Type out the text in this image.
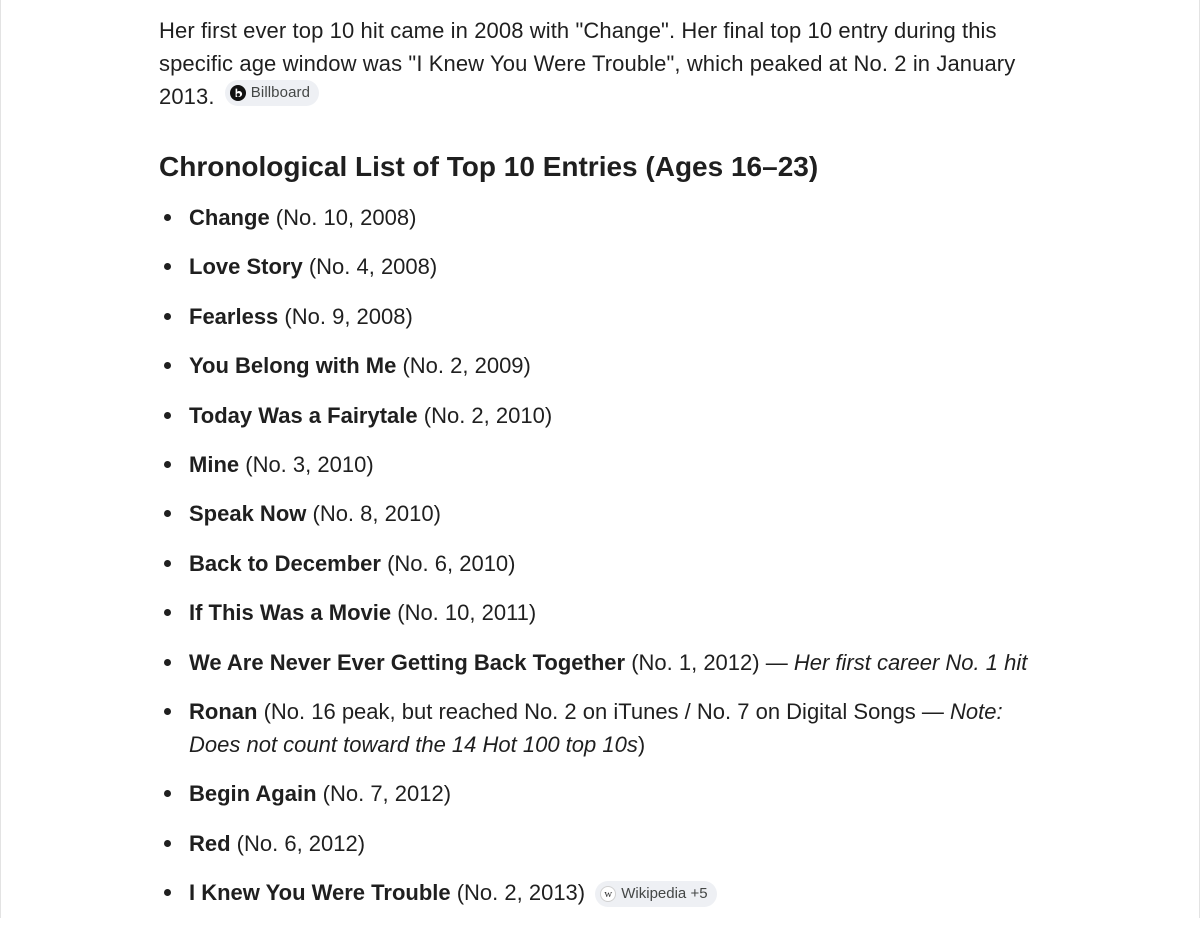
Her first ever top 10 hit came in 2008 with "Change". Her final top 10 entry during this specific age window was "I Knew You Were Trouble", which peaked at No. 2 in January 2013. Billboard

Chronological List of Top 10 Entries (Ages 16–23)
Change (No. 10, 2008)
Love Story (No. 4, 2008)
Fearless (No. 9, 2008)
You Belong with Me (No. 2, 2009)
Today Was a Fairytale (No. 2, 2010)
Mine (No. 3, 2010)
Speak Now (No. 8, 2010)
Back to December (No. 6, 2010)
If This Was a Movie (No. 10, 2011)
We Are Never Ever Getting Back Together (No. 1, 2012) — Her first career No. 1 hit
Ronan (No. 16 peak, but reached No. 2 on iTunes / No. 7 on Digital Songs — Note: Does not count toward the 14 Hot 100 top 10s)
Begin Again (No. 7, 2012)
Red (No. 6, 2012)
I Knew You Were Trouble (No. 2, 2013)	w Wikipedia +5
